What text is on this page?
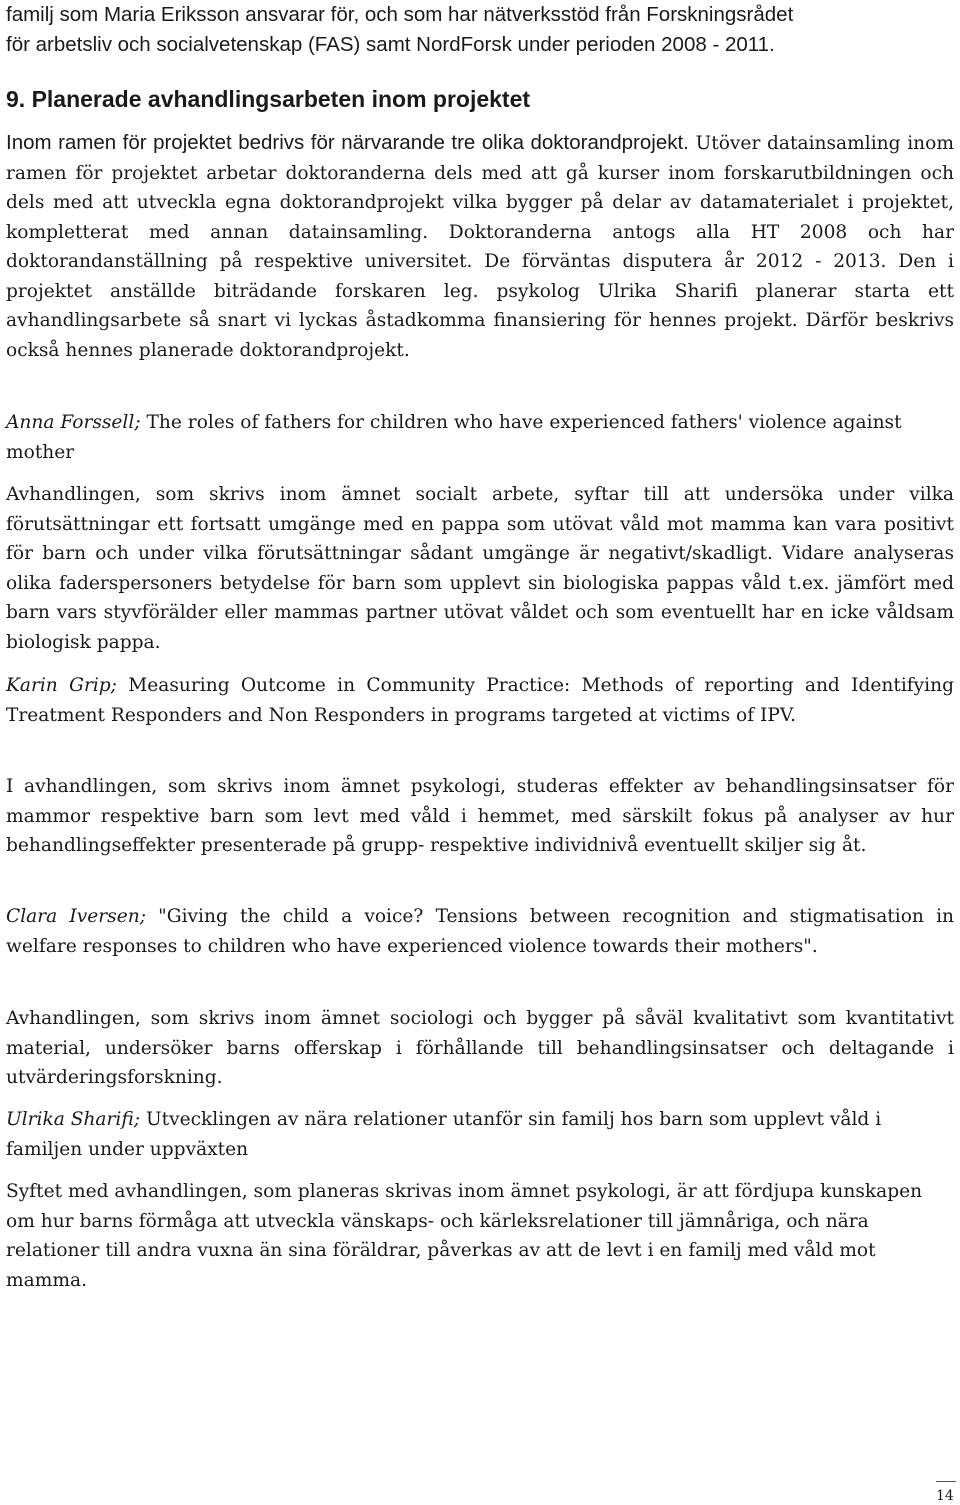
familj som Maria Eriksson ansvarar för, och som har nätverksstöd från Forskningsrådet

för arbetsliv och socialvetenskap (FAS) samt NordForsk under perioden 2008 - 2011.

9. Planerade avhandlingsarbeten inom projektet

Inom ramen för projektet bedrivs för närvarande tre olika doktorandprojekt. Utöver datainsamling inom ramen för projektet arbetar doktoranderna dels med att gå kurser inom forskarutbildningen och dels med att utveckla egna doktorandprojekt vilka bygger på delar av datamaterialet i projektet, kompletterat med annan datainsamling. Doktoranderna antogs alla HT 2008 och har doktorandanställning på respektive universitet. De förväntas disputera år 2012 - 2013. Den i projektet anställde biträdande forskaren leg. psykolog Ulrika Sharifi planerar starta ett avhandlingsarbete så snart vi lyckas åstadkomma finansiering för hennes projekt. Därför beskrivs också hennes planerade doktorandprojekt.

Anna Forssell; The roles of fathers for children who have experienced fathers' violence against mother

Avhandlingen, som skrivs inom ämnet socialt arbete, syftar till att undersöka under vilka förutsättningar ett fortsatt umgänge med en pappa som utövat våld mot mamma kan vara positivt för barn och under vilka förutsättningar sådant umgänge är negativt/skadligt. Vidare analyseras olika faderspersoners betydelse för barn som upplevt sin biologiska pappas våld t.ex. jämfört med barn vars styvförälder eller mammas partner utövat våldet och som eventuellt har en icke våldsam biologisk pappa.

Karin Grip; Measuring Outcome in Community Practice: Methods of reporting and Identifying Treatment Responders and Non Responders in programs targeted at victims of IPV.

I avhandlingen, som skrivs inom ämnet psykologi, studeras effekter av behandlingsinsatser för mammor respektive barn som levt med våld i hemmet, med särskilt fokus på analyser av hur behandlingseffekter presenterade på grupp- respektive individnivå eventuellt skiljer sig åt.

Clara Iversen; "Giving the child a voice? Tensions between recognition and stigmatisation in welfare responses to children who have experienced violence towards their mothers".

Avhandlingen, som skrivs inom ämnet sociologi och bygger på såväl kvalitativt som kvantitativt material, undersöker barns offerskap i förhållande till behandlingsinsatser och deltagande i utvärderingsforskning.

Ulrika Sharifi; Utvecklingen av nära relationer utanför sin familj hos barn som upplevt våld i familjen under uppväxten

Syftet med avhandlingen, som planeras skrivas inom ämnet psykologi, är att fördjupa kunskapen om hur barns förmåga att utveckla vänskaps- och kärleksrelationer till jämnåriga, och nära relationer till andra vuxna än sina föräldrar, påverkas av att de levt i en familj med våld mot mamma.

14
